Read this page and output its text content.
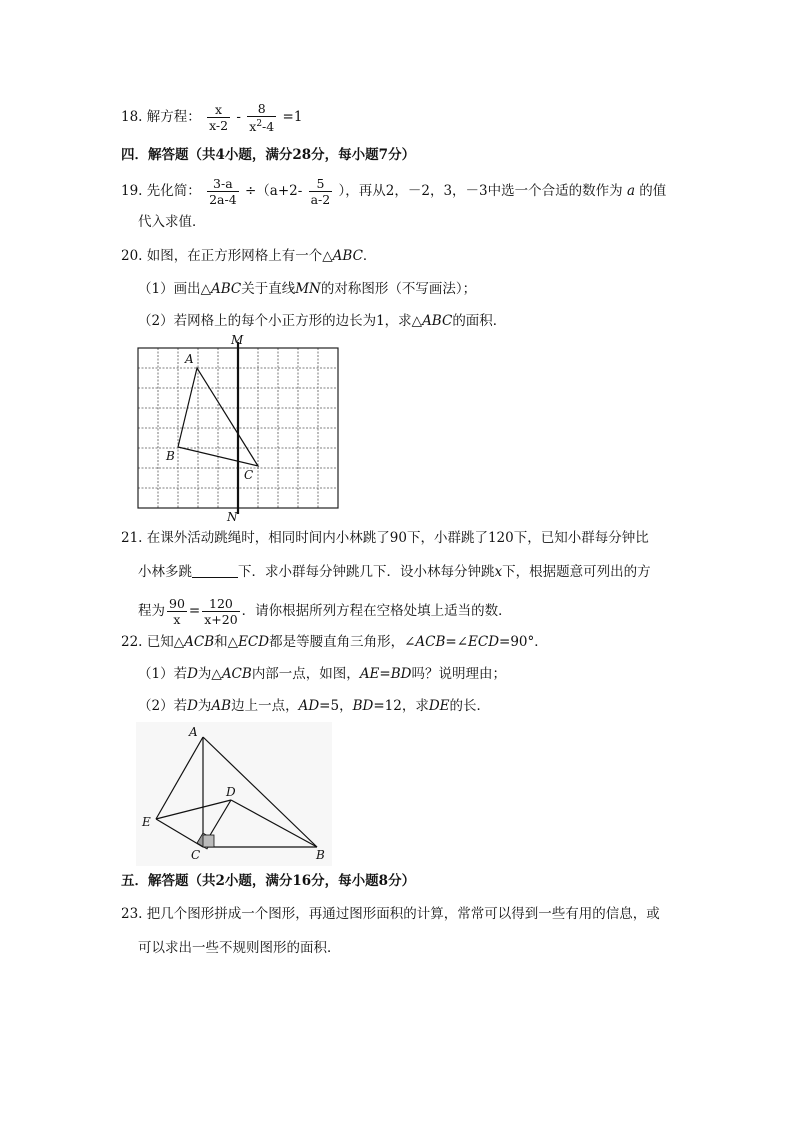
18. 解方程： $\frac{x}{x-2} - \frac{8}{x^2-4} =1$
四．解答题（共4小题，满分28分，每小题7分）
19. 先化简： $\frac{3-a}{2a-4} \div(a+2- \frac{5}{a-2}$ ），再从2，－2，3，－3中选一个合适的数作为 a 的值
代入求值．
20. 如图，在正方形网格上有一个△ABC．
（1）画出△ABC关于直线MN的对称图形（不写画法）；
（2）若网格上的每个小正方形的边长为1，求△ABC的面积．
M
N
A
B
C
21. 在课外活动跳绳时，相同时间内小林跳了90下，小群跳了120下，已知小群每分钟比
小林多跳	下．求小群每分钟跳几下．设小林每分钟跳x下，根据题意可列出的方
程为 $\frac{90}{x} = \frac{120}{x+20}$ ．请你根据所列方程在空格处填上适当的数．
22. 已知△ACB和△ECD都是等腰直角三角形，∠ACB=∠ECD=90°．
（1）若D为△ACB内部一点，如图，AE=BD吗？说明理由；
（2）若D为AB边上一点，AD=5，BD=12，求DE的长．
A
D
E
C	B
五．解答题（共2小题，满分16分，每小题8分）
23. 把几个图形拼成一个图形，再通过图形面积的计算，常常可以得到一些有用的信息，或
可以求出一些不规则图形的面积．
